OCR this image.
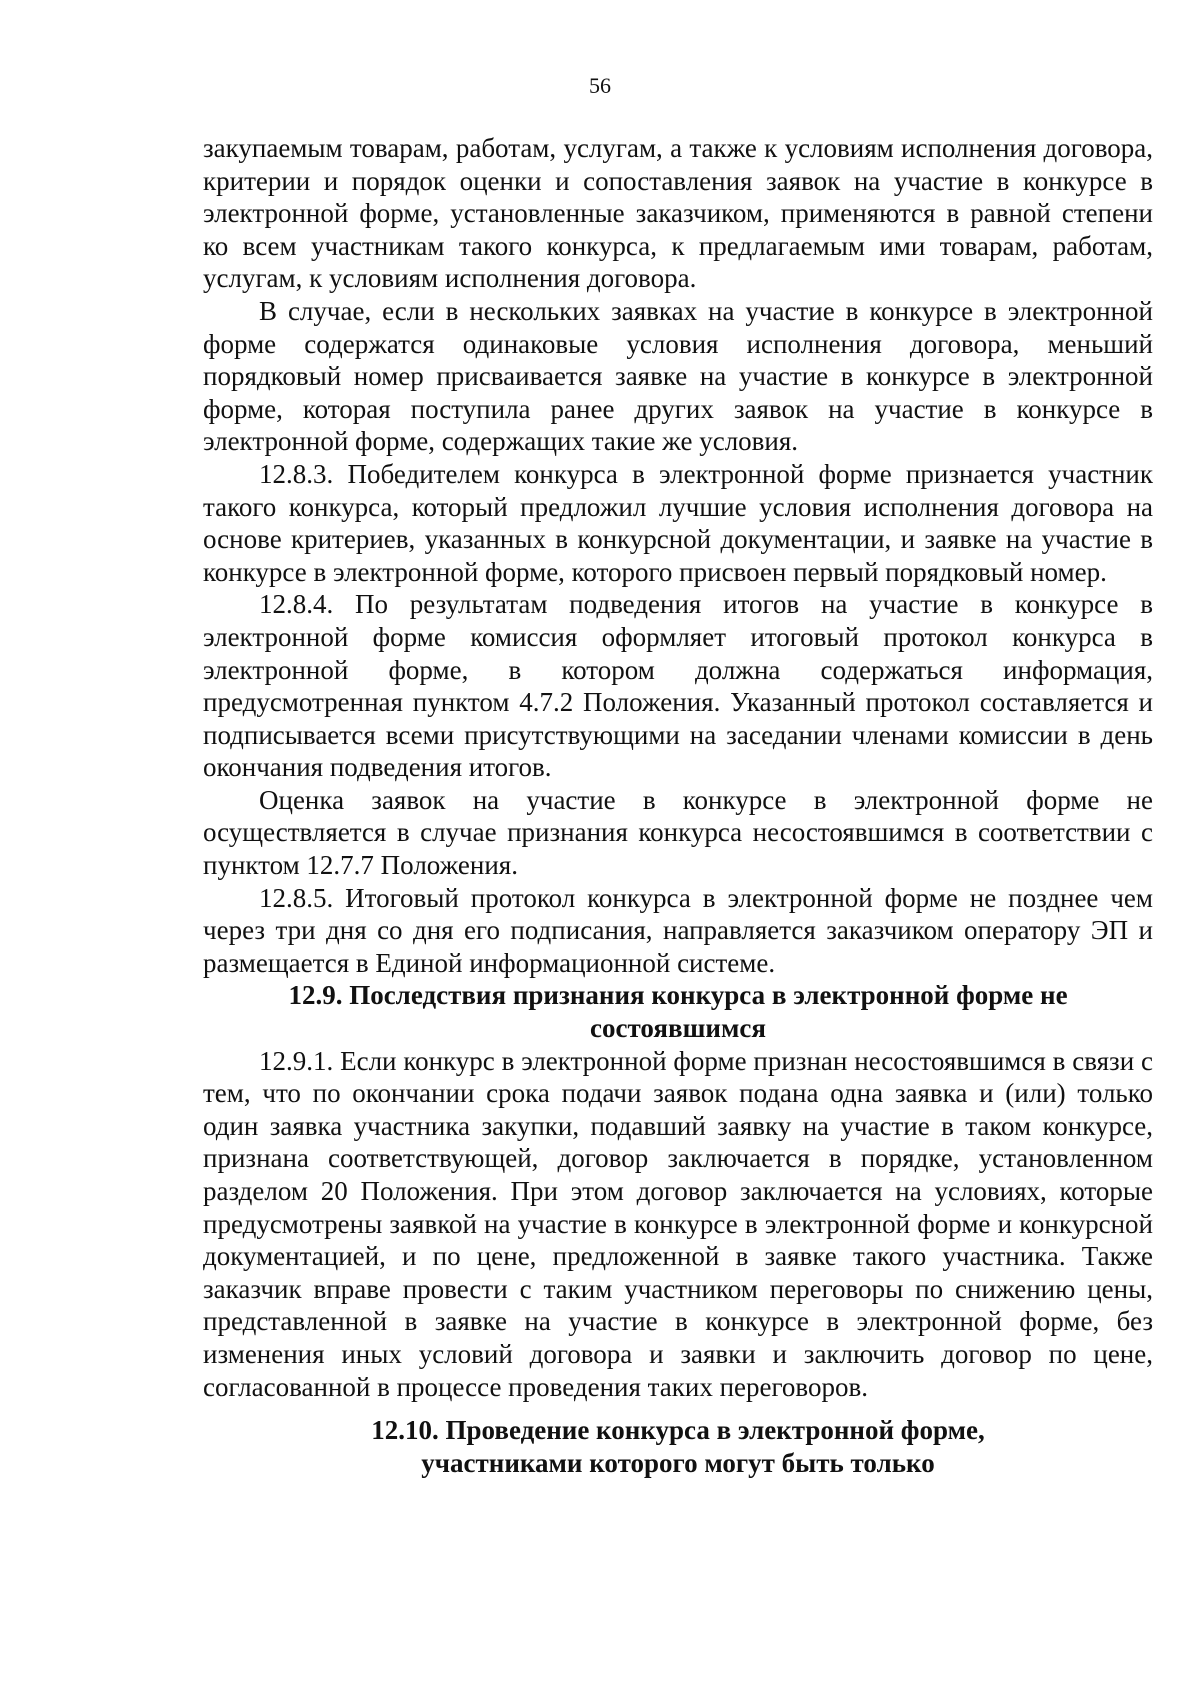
56

закупаемым товарам, работам, услугам, а также к условиям исполнения договора, критерии и порядок оценки и сопоставления заявок на участие в конкурсе в электронной форме, установленные заказчиком, применяются в равной степени ко всем участникам такого конкурса, к предлагаемым ими товарам, работам, услугам, к условиям исполнения договора.

В случае, если в нескольких заявках на участие в конкурсе в электронной форме содержатся одинаковые условия исполнения договора, меньший порядковый номер присваивается заявке на участие в конкурсе в электронной форме, которая поступила ранее других заявок на участие в конкурсе в электронной форме, содержащих такие же условия.

12.8.3. Победителем конкурса в электронной форме признается участник такого конкурса, который предложил лучшие условия исполнения договора на основе критериев, указанных в конкурсной документации, и заявке на участие в конкурсе в электронной форме, которого присвоен первый порядковый номер.

12.8.4. По результатам подведения итогов на участие в конкурсе в электронной форме комиссия оформляет итоговый протокол конкурса в электронной форме, в котором должна содержаться информация, предусмотренная пунктом 4.7.2 Положения. Указанный протокол составляется и подписывается всеми присутствующими на заседании членами комиссии в день окончания подведения итогов.

Оценка заявок на участие в конкурсе в электронной форме не осуществляется в случае признания конкурса несостоявшимся в соответствии с пунктом 12.7.7 Положения.

12.8.5. Итоговый протокол конкурса в электронной форме не позднее чем через три дня со дня его подписания, направляется заказчиком оператору ЭП и размещается в Единой информационной системе.

12.9. Последствия признания конкурса в электронной форме не
состоявшимся

12.9.1. Если конкурс в электронной форме признан несостоявшимся в связи с тем, что по окончании срока подачи заявок подана одна заявка и (или) только один заявка участника закупки, подавший заявку на участие в таком конкурсе, признана соответствующей, договор заключается в порядке, установленном разделом 20 Положения. При этом договор заключается на условиях, которые предусмотрены заявкой на участие в конкурсе в электронной форме и конкурсной документацией, и по цене, предложенной в заявке такого участника. Также заказчик вправе провести с таким участником переговоры по снижению цены, представленной в заявке на участие в конкурсе в электронной форме, без изменения иных условий договора и заявки и заключить договор по цене, согласованной в процессе проведения таких переговоров.

12.10. Проведение конкурса в электронной форме,
участниками которого могут быть только
